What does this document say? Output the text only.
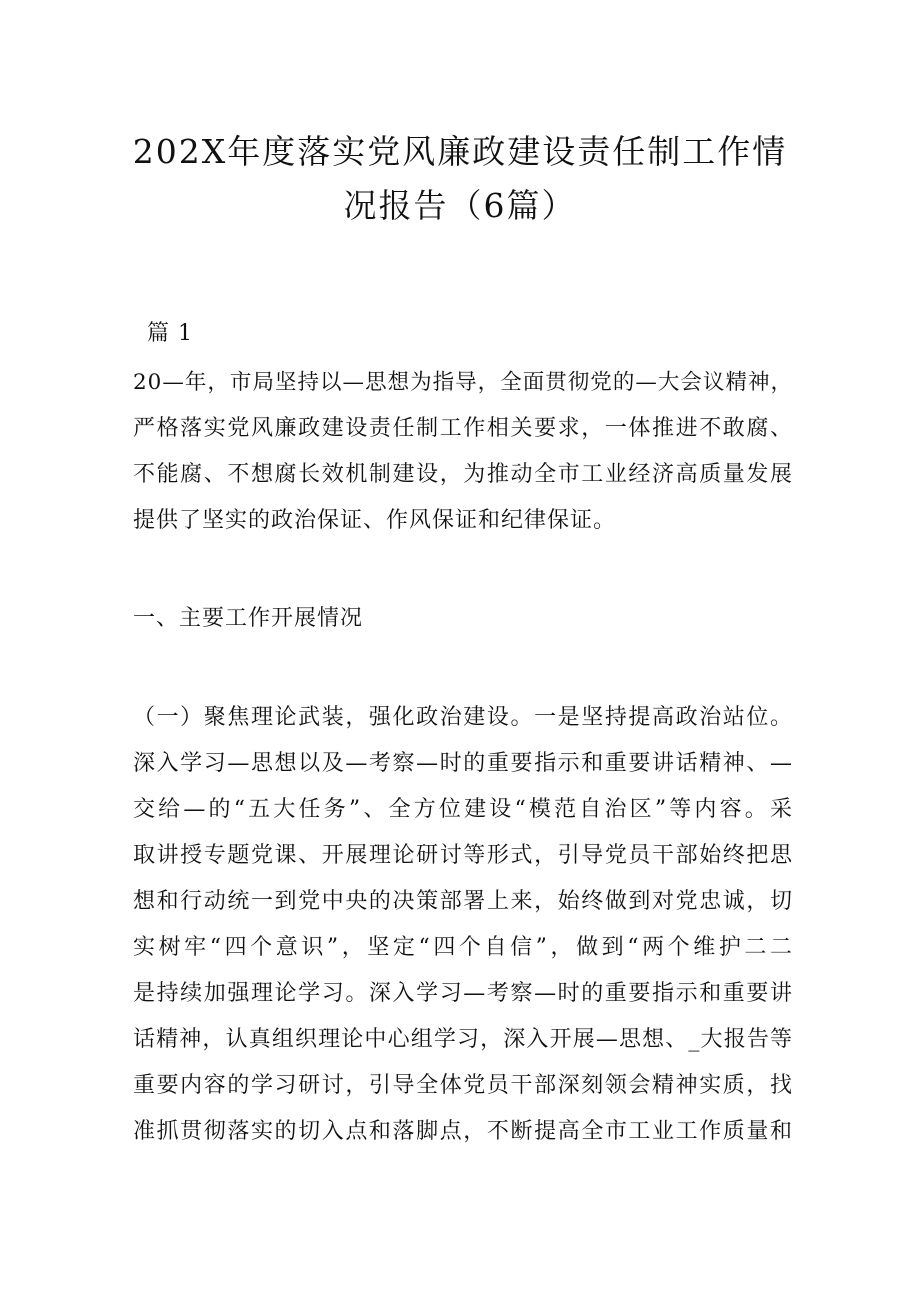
202X年度落实党风廉政建设责任制工作情
况报告（6篇）
篇 1
20—年，市局坚持以—思想为指导，全面贯彻党的—大会议精神，
严格落实党风廉政建设责任制工作相关要求，一体推进不敢腐、
不能腐、不想腐长效机制建设，为推动全市工业经济高质量发展
提供了坚实的政治保证、作风保证和纪律保证。
一、主要工作开展情况
（一）聚焦理论武装，强化政治建设。一是坚持提高政治站位。
深入学习—思想以及—考察—时的重要指示和重要讲话精神、—
交给—的“五大任务”、全方位建设“模范自治区”等内容。采
取讲授专题党课、开展理论研讨等形式，引导党员干部始终把思
想和行动统一到党中央的决策部署上来，始终做到对党忠诚，切
实树牢“四个意识”，坚定“四个自信”，做到“两个维护二二
是持续加强理论学习。深入学习—考察—时的重要指示和重要讲
话精神，认真组织理论中心组学习，深入开展—思想、_大报告等
重要内容的学习研讨，引导全体党员干部深刻领会精神实质，找
准抓贯彻落实的切入点和落脚点，不断提高全市工业工作质量和
